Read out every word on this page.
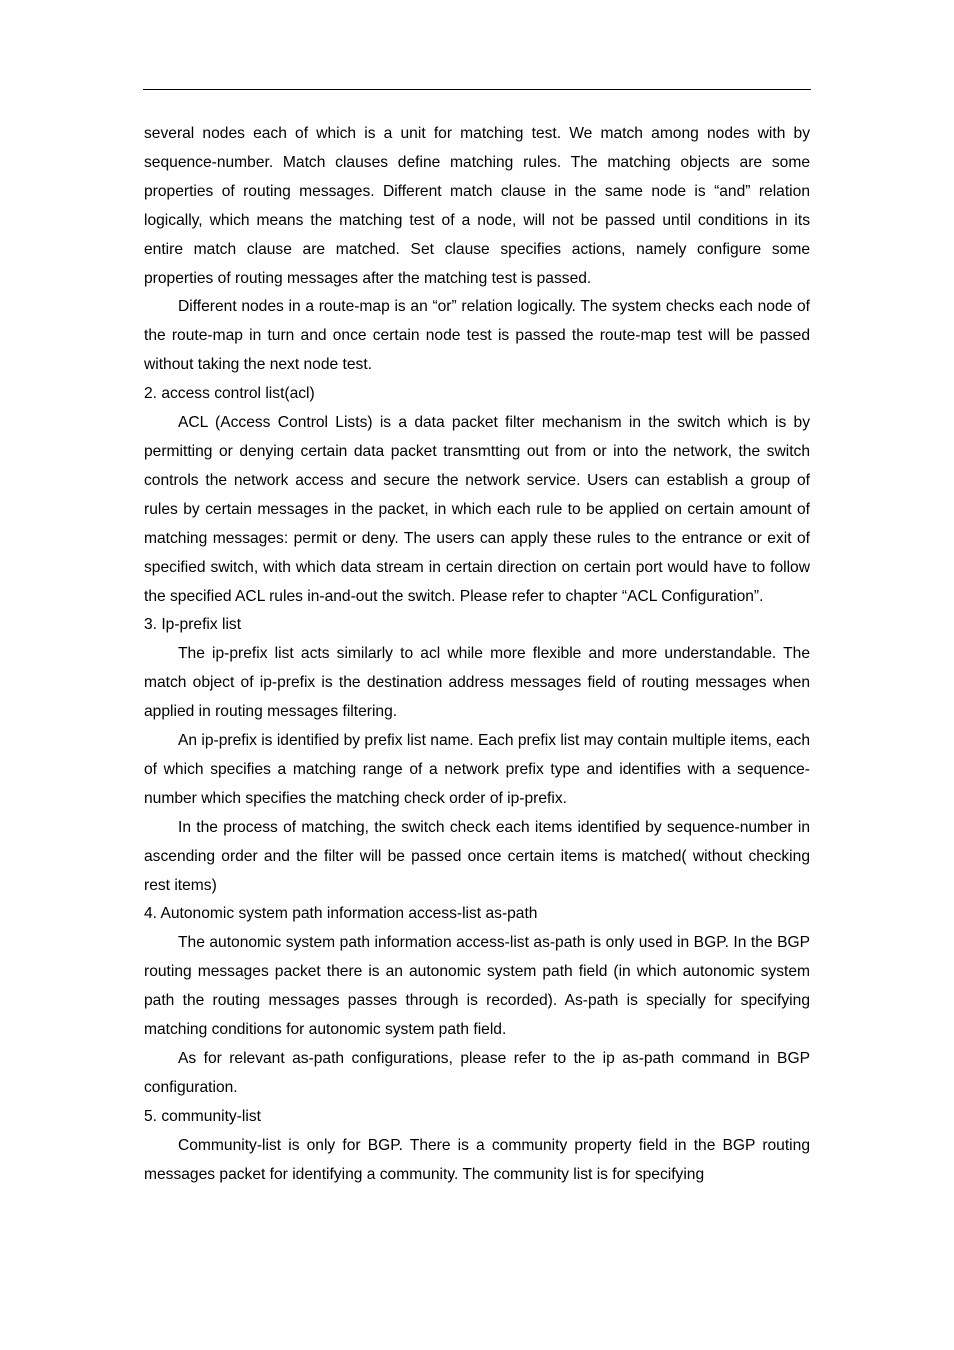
several nodes each of which is a unit for matching test. We match among nodes with by sequence-number. Match clauses define matching rules. The matching objects are some properties of routing messages. Different match clause in the same node is “and” relation logically, which means the matching test of a node, will not be passed until conditions in its entire match clause are matched. Set clause specifies actions, namely configure some properties of routing messages after the matching test is passed.

Different nodes in a route-map is an “or” relation logically. The system checks each node of the route-map in turn and once certain node test is passed the route-map test will be passed without taking the next node test.

2. access control list(acl)

ACL (Access Control Lists) is a data packet filter mechanism in the switch which is by permitting or denying certain data packet transmtting out from or into the network, the switch controls the network access and secure the network service. Users can establish a group of rules by certain messages in the packet, in which each rule to be applied on certain amount of matching messages: permit or deny. The users can apply these rules to the entrance or exit of specified switch, with which data stream in certain direction on certain port would have to follow the specified ACL rules in-and-out the switch. Please refer to chapter “ACL Configuration”.

3. Ip-prefix list

The ip-prefix list acts similarly to acl while more flexible and more understandable. The match object of ip-prefix is the destination address messages field of routing messages when applied in routing messages filtering.

An ip-prefix is identified by prefix list name. Each prefix list may contain multiple items, each of which specifies a matching range of a network prefix type and identifies with a sequence-number which specifies the matching check order of ip-prefix.

In the process of matching, the switch check each items identified by sequence-number in ascending order and the filter will be passed once certain items is matched( without checking rest items)

4. Autonomic system path information access-list as-path

The autonomic system path information access-list as-path is only used in BGP. In the BGP routing messages packet there is an autonomic system path field (in which autonomic system path the routing messages passes through is recorded). As-path is specially for specifying matching conditions for autonomic system path field.

As for relevant as-path configurations, please refer to the ip as-path command in BGP configuration.

5. community-list

Community-list is only for BGP. There is a community property field in the BGP routing messages packet for identifying a community. The community list is for specifying
